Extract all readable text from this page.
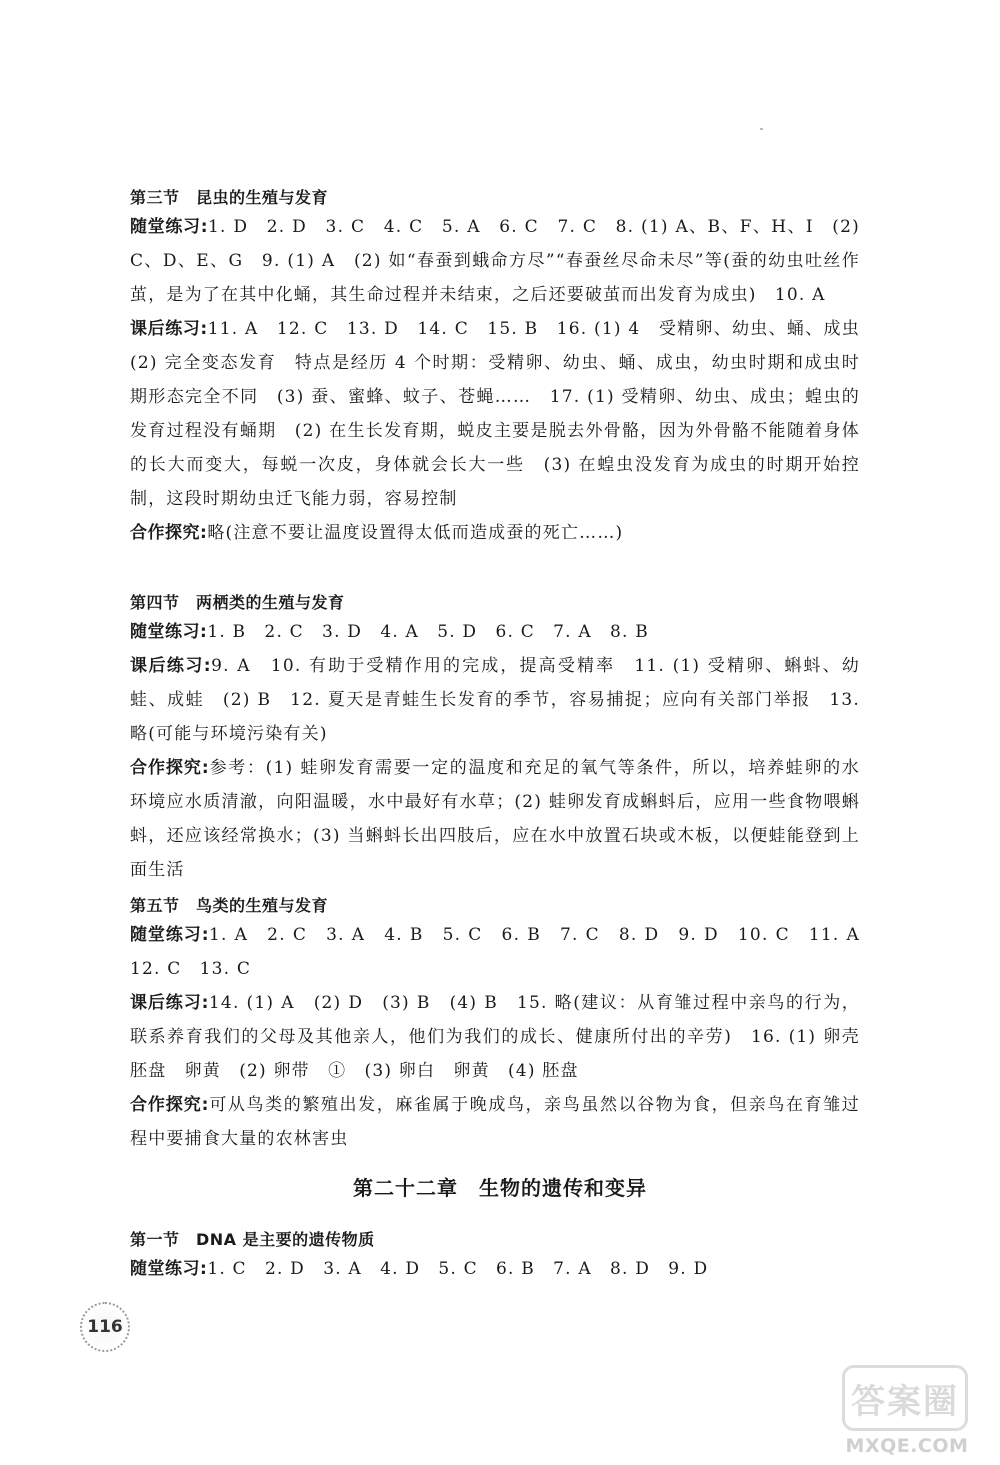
第三节　昆虫的生殖与发育
随堂练习:1. D　2. D　3. C　4. C　5. A　6. C　7. C　8. (1) A、B、F、H、I　(2) C、D、E、G　9. (1) A　(2) 如“春蚕到蛾命方尽”“春蚕丝尽命未尽”等(蚕的幼虫吐丝作茧，是为了在其中化蛹，其生命过程并未结束，之后还要破茧而出发育为成虫)　10. A
课后练习:11. A　12. C　13. D　14. C　15. B　16. (1) 4　受精卵、幼虫、蛹、成虫　(2) 完全变态发育　特点是经历 4 个时期：受精卵、幼虫、蛹、成虫，幼虫时期和成虫时期形态完全不同　(3) 蚕、蜜蜂、蚊子、苍蝇……　17. (1) 受精卵、幼虫、成虫；蝗虫的发育过程没有蛹期　(2) 在生长发育期，蜕皮主要是脱去外骨骼，因为外骨骼不能随着身体的长大而变大，每蜕一次皮，身体就会长大一些　(3) 在蝗虫没发育为成虫的时期开始控制，这段时期幼虫迁飞能力弱，容易控制
合作探究:略(注意不要让温度设置得太低而造成蚕的死亡……)
第四节　两栖类的生殖与发育
随堂练习:1. B　2. C　3. D　4. A　5. D　6. C　7. A　8. B
课后练习:9. A　10. 有助于受精作用的完成，提高受精率　11. (1) 受精卵、蝌蚪、幼蛙、成蛙　(2) B　12. 夏天是青蛙生长发育的季节，容易捕捉；应向有关部门举报　13. 略(可能与环境污染有关)
合作探究:参考：(1) 蛙卵发育需要一定的温度和充足的氧气等条件，所以，培养蛙卵的水环境应水质清澈，向阳温暖，水中最好有水草；(2) 蛙卵发育成蝌蚪后，应用一些食物喂蝌蚪，还应该经常换水；(3) 当蝌蚪长出四肢后，应在水中放置石块或木板，以便蛙能登到上面生活
第五节　鸟类的生殖与发育
随堂练习:1. A　2. C　3. A　4. B　5. C　6. B　7. C　8. D　9. D　10. C　11. A　12. C　13. C
课后练习:14. (1) A　(2) D　(3) B　(4) B　15. 略(建议：从育雏过程中亲鸟的行为，联系养育我们的父母及其他亲人，他们为我们的成长、健康所付出的辛劳)　16. (1) 卵壳　胚盘　卵黄　(2) 卵带　①　(3) 卵白　卵黄　(4) 胚盘
合作探究:可从鸟类的繁殖出发，麻雀属于晚成鸟，亲鸟虽然以谷物为食，但亲鸟在育雏过程中要捕食大量的农林害虫
第二十二章　生物的遗传和变异
第一节　DNA 是主要的遗传物质
随堂练习:1. C　2. D　3. A　4. D　5. C　6. B　7. A　8. D　9. D
116
答案圈
MXQE.COM
